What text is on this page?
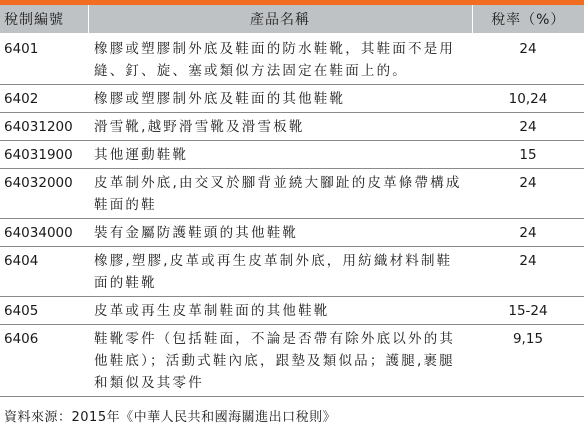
稅制編號	產品名稱	稅率（%）
6401	橡膠或塑膠制外底及鞋面的防水鞋靴，其鞋面不是用縫、釘、旋、塞或類似方法固定在鞋面上的。	24
6402	橡膠或塑膠制外底及鞋面的其他鞋靴	10,24
64031200	滑雪靴,越野滑雪靴及滑雪板靴	24
64031900	其他運動鞋靴	15
64032000	皮革制外底,由交叉於腳背並繞大腳趾的皮革條帶構成鞋面的鞋	24
64034000	裝有金屬防護鞋頭的其他鞋靴	24
6404	橡膠,塑膠,皮革或再生皮革制外底，用紡織材料制鞋面的鞋靴	24
6405	皮革或再生皮革制鞋面的其他鞋靴	15-24
6406	鞋靴零件（包括鞋面，不論是否帶有除外底以外的其他鞋底）；活動式鞋內底，跟墊及類似品；護腿,裹腿和類似及其零件	9,15
資料來源：2015年《中華人民共和國海關進出口稅則》
